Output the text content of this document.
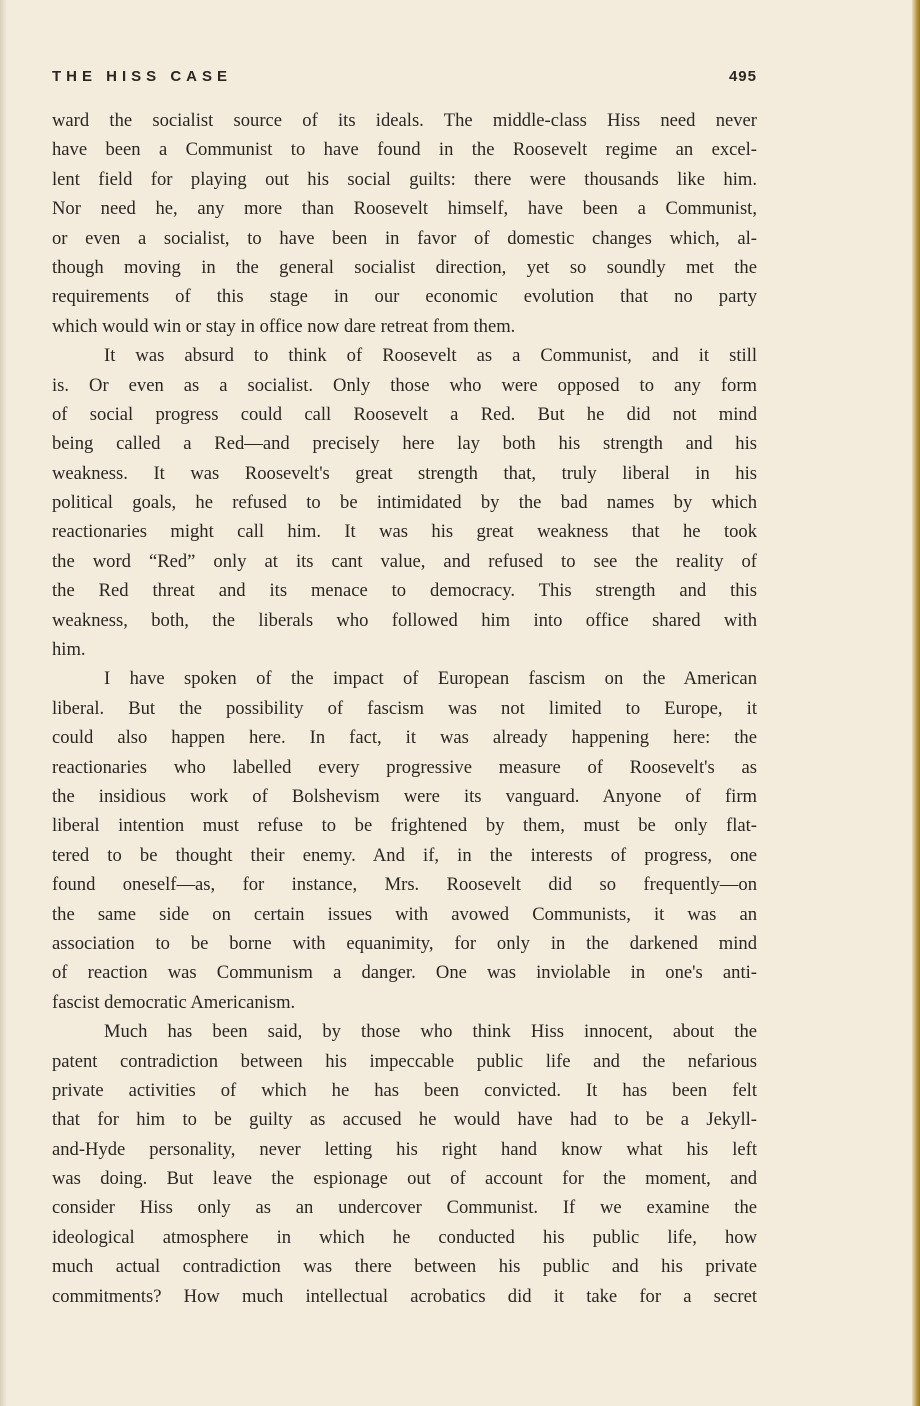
THE HISS CASE	495
ward the socialist source of its ideals. The middle-class Hiss need never
have been a Communist to have found in the Roosevelt regime an excel-
lent field for playing out his social guilts: there were thousands like him.
Nor need he, any more than Roosevelt himself, have been a Communist,
or even a socialist, to have been in favor of domestic changes which, al-
though moving in the general socialist direction, yet so soundly met the
requirements of this stage in our economic evolution that no party
which would win or stay in office now dare retreat from them.
It was absurd to think of Roosevelt as a Communist, and it still
is. Or even as a socialist. Only those who were opposed to any form
of social progress could call Roosevelt a Red. But he did not mind
being called a Red—and precisely here lay both his strength and his
weakness. It was Roosevelt's great strength that, truly liberal in his
political goals, he refused to be intimidated by the bad names by which
reactionaries might call him. It was his great weakness that he took
the word “Red” only at its cant value, and refused to see the reality of
the Red threat and its menace to democracy. This strength and this
weakness, both, the liberals who followed him into office shared with
him.
I have spoken of the impact of European fascism on the American
liberal. But the possibility of fascism was not limited to Europe, it
could also happen here. In fact, it was already happening here: the
reactionaries who labelled every progressive measure of Roosevelt's as
the insidious work of Bolshevism were its vanguard. Anyone of firm
liberal intention must refuse to be frightened by them, must be only flat-
tered to be thought their enemy. And if, in the interests of progress, one
found oneself—as, for instance, Mrs. Roosevelt did so frequently—on
the same side on certain issues with avowed Communists, it was an
association to be borne with equanimity, for only in the darkened mind
of reaction was Communism a danger. One was inviolable in one's anti-
fascist democratic Americanism.
Much has been said, by those who think Hiss innocent, about the
patent contradiction between his impeccable public life and the nefarious
private activities of which he has been convicted. It has been felt
that for him to be guilty as accused he would have had to be a Jekyll-
and-Hyde personality, never letting his right hand know what his left
was doing. But leave the espionage out of account for the moment, and
consider Hiss only as an undercover Communist. If we examine the
ideological atmosphere in which he conducted his public life, how
much actual contradiction was there between his public and his private
commitments? How much intellectual acrobatics did it take for a secret
